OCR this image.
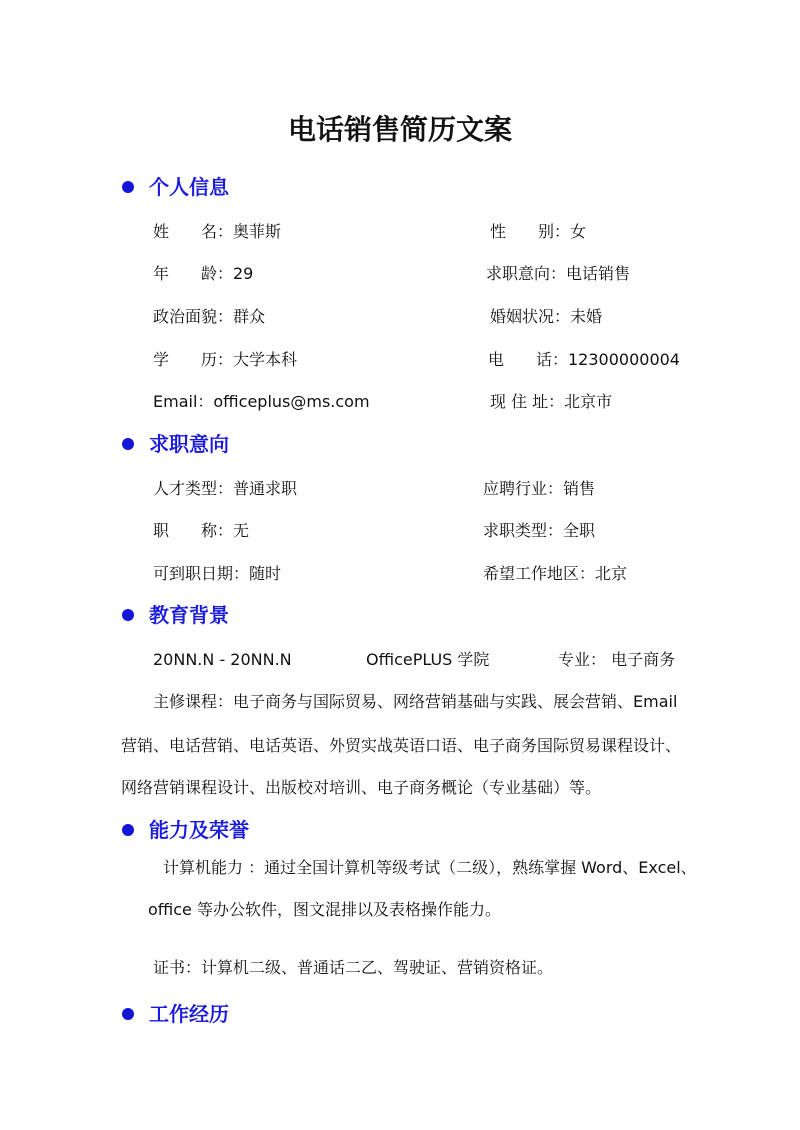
电话销售简历文案
个人信息
姓　　名：奥菲斯	性　　别：女
年　　龄：29	求职意向：电话销售
政治面貌：群众	婚姻状况：未婚
学　　历：大学本科	电　　话：12300000004
Email：officeplus@ms.com	现 住 址：北京市
求职意向
人才类型：普通求职	应聘行业：销售
职　　称：无	求职类型：全职
可到职日期：随时	希望工作地区：北京
教育背景
20NN.N - 20NN.N	OfficePLUS 学院	专业： 电子商务
主修课程：电子商务与国际贸易、网络营销基础与实践、展会营销、Email
营销、电话营销、电话英语、外贸实战英语口语、电子商务国际贸易课程设计、
网络营销课程设计、出版校对培训、电子商务概论（专业基础）等。
能力及荣誉
计算机能力 ：通过全国计算机等级考试（二级），熟练掌握 Word、Excel、
office 等办公软件，图文混排以及表格操作能力。
证书：计算机二级、普通话二乙、驾驶证、营销资格证。
工作经历
